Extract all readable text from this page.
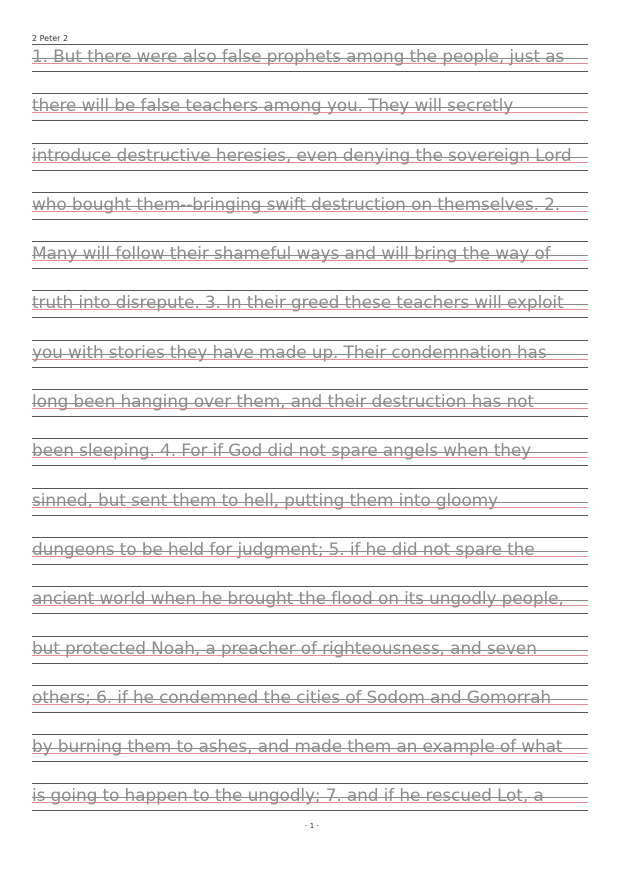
2 Peter 2
1. But there were also false prophets among the people, just as
there will be false teachers among you. They will secretly
introduce destructive heresies, even denying the sovereign Lord
who bought them--bringing swift destruction on themselves. 2.
Many will follow their shameful ways and will bring the way of
truth into disrepute. 3. In their greed these teachers will exploit
you with stories they have made up. Their condemnation has
long been hanging over them, and their destruction has not
been sleeping. 4. For if God did not spare angels when they
sinned, but sent them to hell, putting them into gloomy
dungeons to be held for judgment; 5. if he did not spare the
ancient world when he brought the flood on its ungodly people,
but protected Noah, a preacher of righteousness, and seven
others; 6. if he condemned the cities of Sodom and Gomorrah
by burning them to ashes, and made them an example of what
is going to happen to the ungodly; 7. and if he rescued Lot, a
- 1 -
